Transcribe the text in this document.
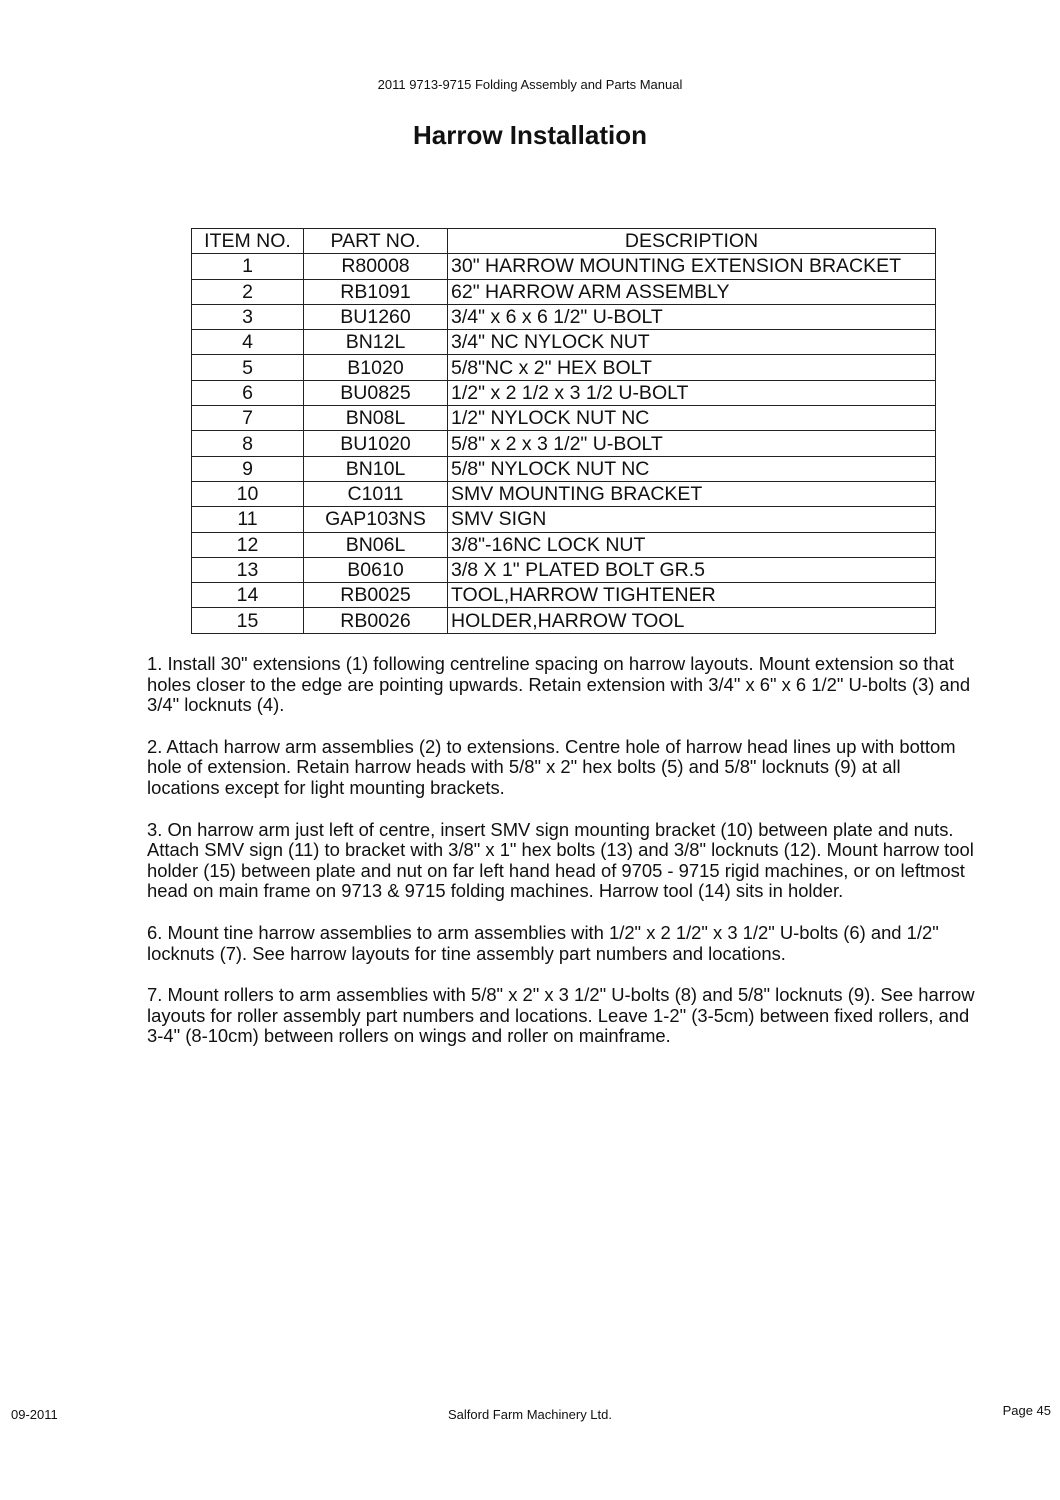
2011 9713-9715 Folding Assembly and Parts Manual
Harrow Installation
ITEM NO.	PART NO.	DESCRIPTION
1	R80008	30" HARROW MOUNTING EXTENSION BRACKET
2	RB1091	62" HARROW ARM ASSEMBLY
3	BU1260	3/4" x 6 x 6 1/2" U-BOLT
4	BN12L	3/4" NC NYLOCK NUT
5	B1020	5/8"NC x 2" HEX BOLT
6	BU0825	1/2" x 2 1/2 x 3 1/2 U-BOLT
7	BN08L	1/2" NYLOCK NUT NC
8	BU1020	5/8" x 2 x 3 1/2" U-BOLT
9	BN10L	5/8" NYLOCK NUT NC
10	C1011	SMV MOUNTING BRACKET
11	GAP103NS	SMV SIGN
12	BN06L	3/8"-16NC LOCK NUT
13	B0610	3/8 X 1" PLATED BOLT GR.5
14	RB0025	TOOL,HARROW TIGHTENER
15	RB0026	HOLDER,HARROW TOOL

1. Install 30" extensions (1) following centreline spacing on harrow layouts. Mount extension so that holes closer to the edge are pointing upwards. Retain extension with 3/4" x 6" x 6 1/2" U-bolts (3) and 3/4" locknuts (4).

2. Attach harrow arm assemblies (2) to extensions. Centre hole of harrow head lines up with bottom hole of extension. Retain harrow heads with 5/8" x 2" hex bolts (5) and 5/8" locknuts (9) at all locations except for light mounting brackets.

3. On harrow arm just left of centre, insert SMV sign mounting bracket (10) between plate and nuts. Attach SMV sign (11) to bracket with 3/8" x 1" hex bolts (13) and 3/8" locknuts (12). Mount harrow tool holder (15) between plate and nut on far left hand head of 9705 - 9715 rigid machines, or on leftmost head on main frame on 9713 & 9715 folding machines. Harrow tool (14) sits in holder.

6. Mount tine harrow assemblies to arm assemblies with 1/2" x 2 1/2" x 3 1/2" U-bolts (6) and 1/2" locknuts (7). See harrow layouts for tine assembly part numbers and locations.

7. Mount rollers to arm assemblies with 5/8" x 2" x 3 1/2" U-bolts (8) and 5/8" locknuts (9). See harrow layouts for roller assembly part numbers and locations. Leave 1-2" (3-5cm) between fixed rollers, and 3-4" (8-10cm) between rollers on wings and roller on mainframe.

09-2011	Salford Farm Machinery Ltd.	Page 45
